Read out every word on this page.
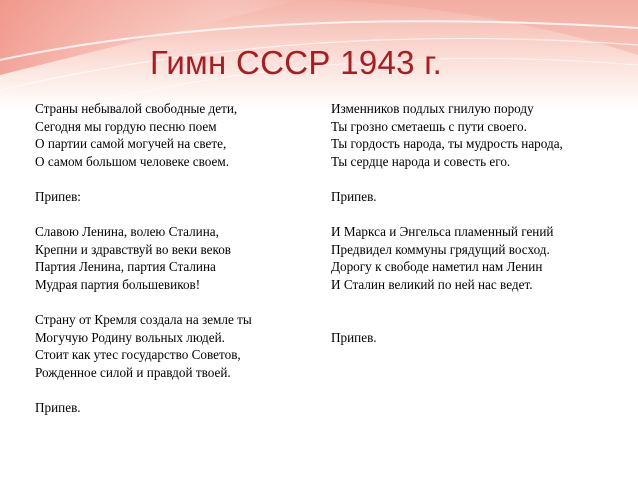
Гимн СССР 1943 г.
Страны небывалой свободные дети,
Сегодня мы гордую песню поем
О партии самой могучей на свете,
О самом большом человеке своем.
Припев:
Славою Ленина, волею Сталина,
Крепни и здравствуй во веки веков
Партия Ленина, партия Сталина
Мудрая партия большевиков!
Страну от Кремля создала на земле ты
Могучую Родину вольных людей.
Стоит как утес государство Советов,
Рожденное силой и правдой твоей.
Припев.
Изменников подлых гнилую породу
Ты грозно сметаешь с пути своего.
Ты гордость народа, ты мудрость народа,
Ты сердце народа и совесть его.
Припев.
И Маркса и Энгельса пламенный гений
Предвидел коммуны грядущий восход.
Дорогу к свободе наметил нам Ленин
И Сталин великий по ней нас ведет.
Припев.
